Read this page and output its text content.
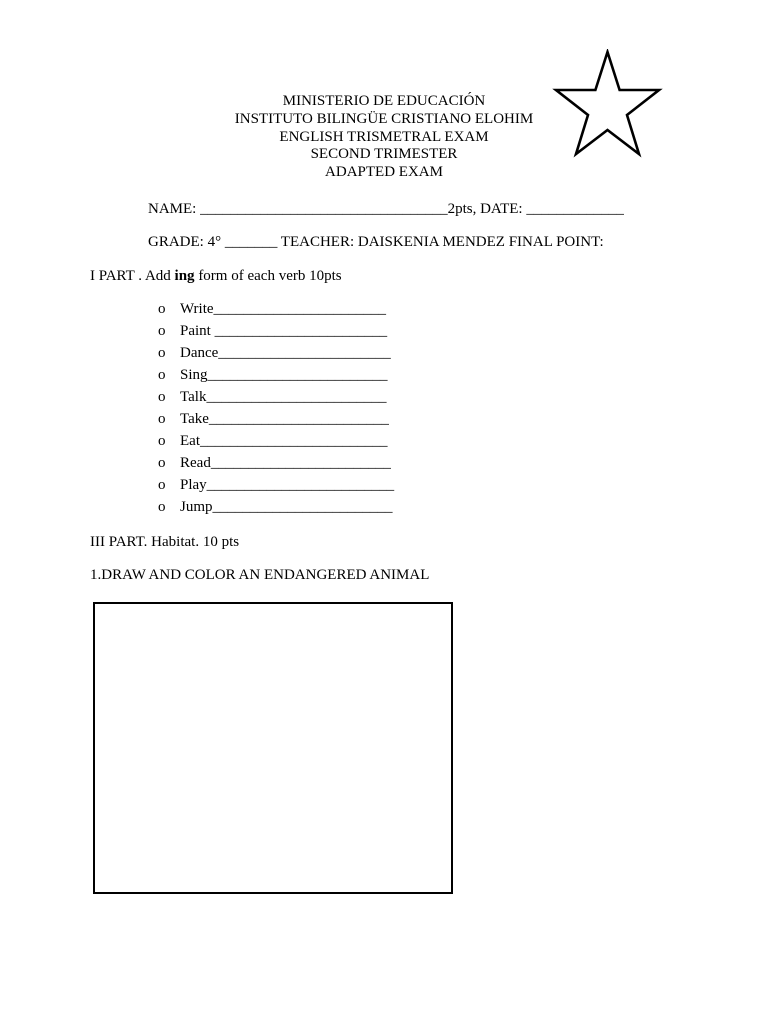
MINISTERIO DE EDUCACIÓN
INSTITUTO BILINGÜE CRISTIANO ELOHIM
ENGLISH TRISMETRAL EXAM
SECOND TRIMESTER
ADAPTED EXAM
NAME: _________________________________2pts, DATE: _____________
GRADE: 4° _______ TEACHER: DAISKENIA MENDEZ FINAL POINT:
I PART . Add ing form of each verb 10pts
o Write_______________________
o Paint _______________________
o Dance_______________________
o Sing________________________
o Talk________________________
o Take________________________
o Eat_________________________
o Read________________________
o Play_________________________
o Jump________________________
III PART. Habitat. 10 pts
1.DRAW AND COLOR AN ENDANGERED ANIMAL
